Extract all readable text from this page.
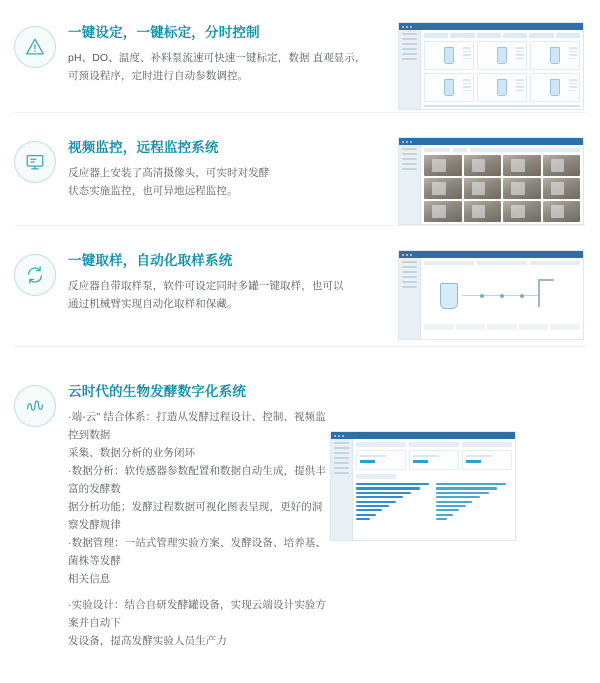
一键设定，一键标定，分时控制
pH、DO、温度、补料泵流速可快速一键标定，数据 直观显示，
可预设程序，定时进行自动参数调控。
视频监控，远程监控系统
反应器上安装了高清摄像头，可实时对发酵
状态实施监控，也可异地远程监控。
一键取样，自动化取样系统
反应器自带取样泵，软件可设定同时多罐一键取样，也可以
通过机械臂实现自动化取样和保藏。
云时代的生物发酵数字化系统
·端-云" 结合体系：打造从发酵过程设计、控制、视频监控到数据
采集、数据分析的业务闭环
·数据分析：软传感器参数配置和数据自动生成，提供丰富的发酵数
据分析功能；发酵过程数据可视化图表呈现，更好的洞察发酵规律
·数据管理：一站式管理实验方案、发酵设备、培养基、菌株等发酵
相关信息
·实验设计：结合自研发酵罐设备，实现云端设计实验方案并自动下
发设备，提高发酵实验人员生产力
